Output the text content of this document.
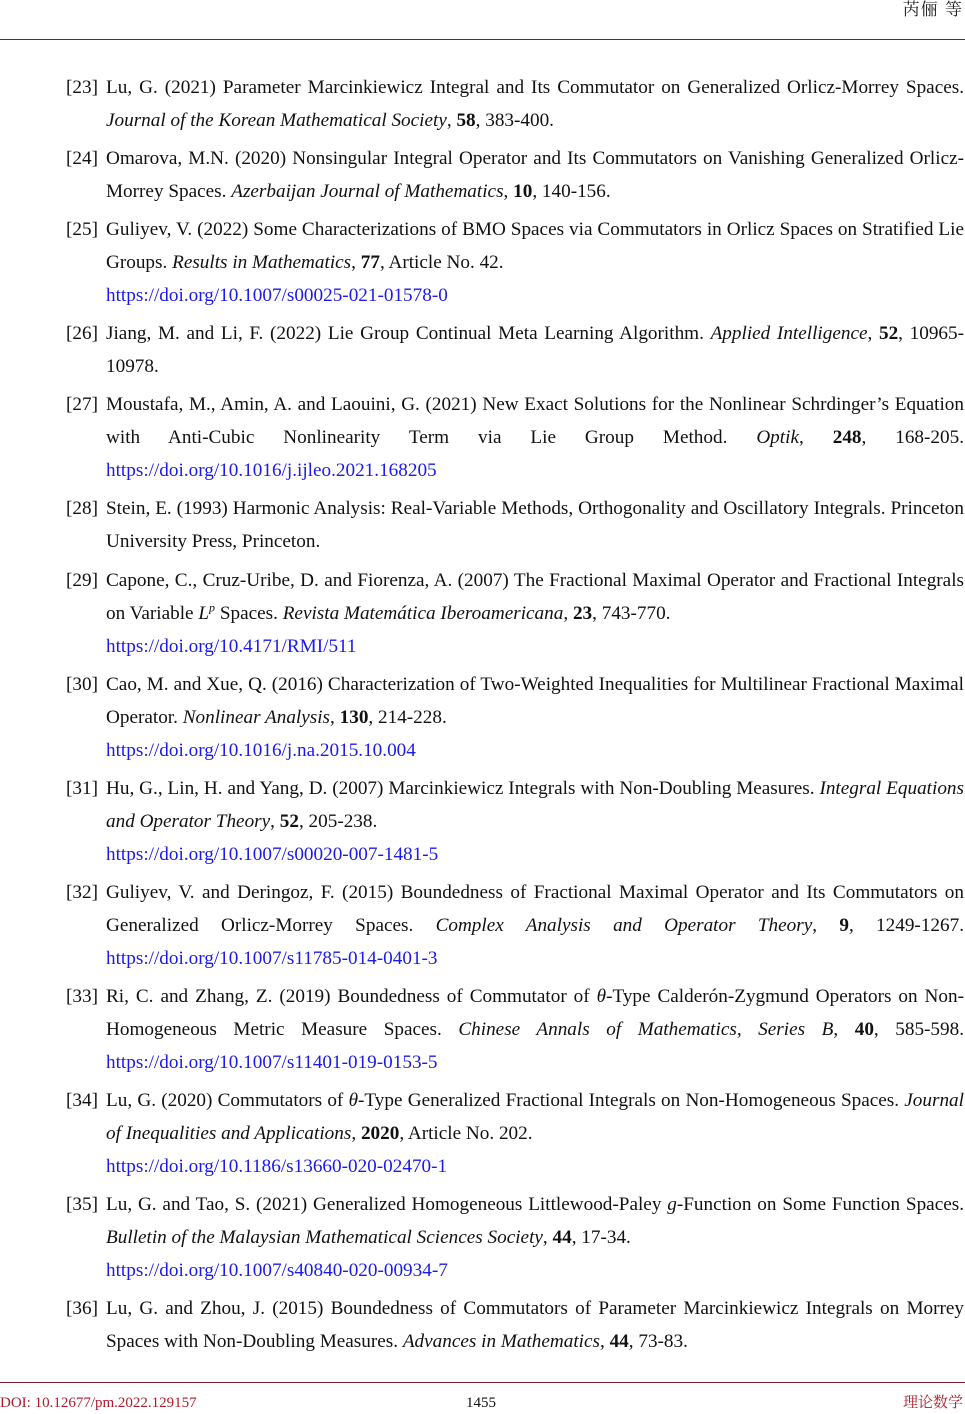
芮俪 等
[23] Lu, G. (2021) Parameter Marcinkiewicz Integral and Its Commutator on Generalized Orlicz-Morrey Spaces. Journal of the Korean Mathematical Society, 58, 383-400.
[24] Omarova, M.N. (2020) Nonsingular Integral Operator and Its Commutators on Vanishing Generalized Orlicz-Morrey Spaces. Azerbaijan Journal of Mathematics, 10, 140-156.
[25] Guliyev, V. (2022) Some Characterizations of BMO Spaces via Commutators in Orlicz Spaces on Stratified Lie Groups. Results in Mathematics, 77, Article No. 42.
https://doi.org/10.1007/s00025-021-01578-0
[26] Jiang, M. and Li, F. (2022) Lie Group Continual Meta Learning Algorithm. Applied Intelligence, 52, 10965-10978.
[27] Moustafa, M., Amin, A. and Laouini, G. (2021) New Exact Solutions for the Nonlinear Schrdinger’s Equation with Anti-Cubic Nonlinearity Term via Lie Group Method. Optik, 248, 168-205. https://doi.org/10.1016/j.ijleo.2021.168205
[28] Stein, E. (1993) Harmonic Analysis: Real-Variable Methods, Orthogonality and Oscillatory Integrals. Princeton University Press, Princeton.
[29] Capone, C., Cruz-Uribe, D. and Fiorenza, A. (2007) The Fractional Maximal Operator and Fractional Integrals on Variable $L^p$ Spaces. Revista Matemática Iberoamericana, 23, 743-770.
https://doi.org/10.4171/RMI/511
[30] Cao, M. and Xue, Q. (2016) Characterization of Two-Weighted Inequalities for Multilinear Fractional Maximal Operator. Nonlinear Analysis, 130, 214-228.
https://doi.org/10.1016/j.na.2015.10.004
[31] Hu, G., Lin, H. and Yang, D. (2007) Marcinkiewicz Integrals with Non-Doubling Measures. Integral Equations and Operator Theory, 52, 205-238.
https://doi.org/10.1007/s00020-007-1481-5
[32] Guliyev, V. and Deringoz, F. (2015) Boundedness of Fractional Maximal Operator and Its Commutators on Generalized Orlicz-Morrey Spaces. Complex Analysis and Operator Theory, 9, 1249-1267. https://doi.org/10.1007/s11785-014-0401-3
[33] Ri, C. and Zhang, Z. (2019) Boundedness of Commutator of θ-Type Calderón-Zygmund Operators on Non-Homogeneous Metric Measure Spaces. Chinese Annals of Mathematics, Series B, 40, 585-598. https://doi.org/10.1007/s11401-019-0153-5
[34] Lu, G. (2020) Commutators of θ-Type Generalized Fractional Integrals on Non-Homogeneous Spaces. Journal of Inequalities and Applications, 2020, Article No. 202.
https://doi.org/10.1186/s13660-020-02470-1
[35] Lu, G. and Tao, S. (2021) Generalized Homogeneous Littlewood-Paley g-Function on Some Function Spaces. Bulletin of the Malaysian Mathematical Sciences Society, 44, 17-34.
https://doi.org/10.1007/s40840-020-00934-7
[36] Lu, G. and Zhou, J. (2015) Boundedness of Commutators of Parameter Marcinkiewicz Integrals on Morrey Spaces with Non-Doubling Measures. Advances in Mathematics, 44, 73-83.
DOI: 10.12677/pm.2022.129157	1455	理论数学
